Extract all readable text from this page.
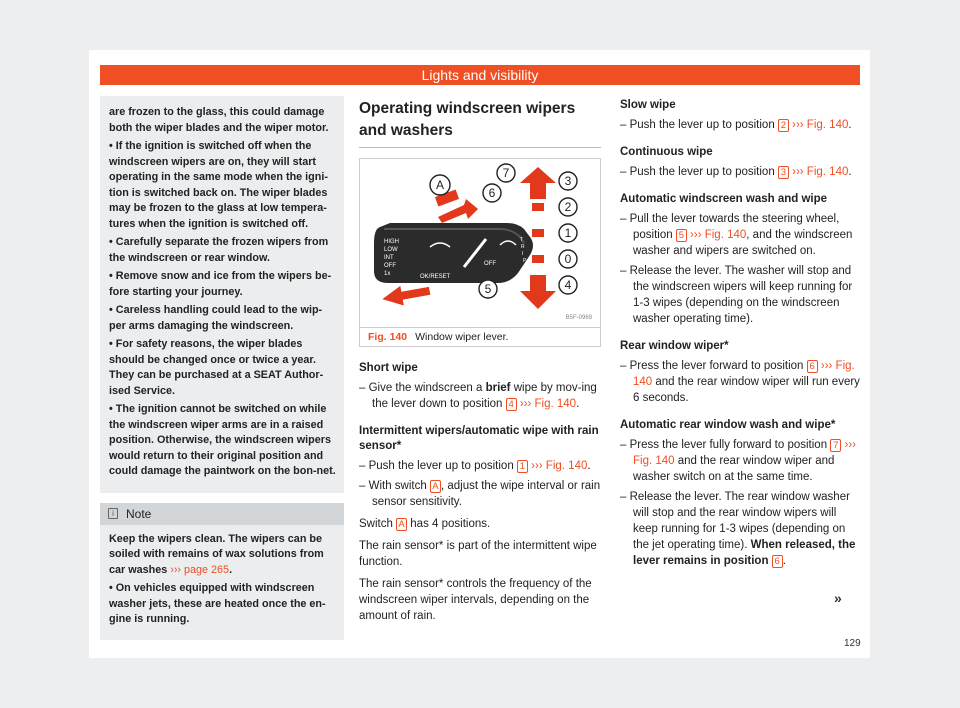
Lights and visibility

are frozen to the glass, this could damage both the wiper blades and the wiper motor.

• If the ignition is switched off when the windscreen wipers are on, they will start operating in the same mode when the igni-tion is switched back on. The wiper blades may be frozen to the glass at low tempera-tures when the ignition is switched off.

• Carefully separate the frozen wipers from the windscreen or rear window.

• Remove snow and ice from the wipers be-fore starting your journey.

• Careless handling could lead to the wip-per arms damaging the windscreen.

• For safety reasons, the wiper blades should be changed once or twice a year. They can be purchased at a SEAT Author-ised Service.

• The ignition cannot be switched on while the windscreen wiper arms are in a raised position. Otherwise, the windscreen wipers would return to their original position and could damage the paintwork on the bon-net.

i	Note

Keep the wipers clean. The wipers can be soiled with remains of wax solutions from car washes ››› page 265.

• On vehicles equipped with windscreen washer jets, these are heated once the en-gine is running.

Operating windscreen wipers and washers
HIGH
LOW
INT
OFF
1x	OK/RESET
OFF
T
R
I
P
A
7
6
3
2
1
0
4
5
B5F-0969
Fig. 140 Window wiper lever.
Short wipe
– Give the windscreen a brief wipe by mov-ing the lever down to position 4 ››› Fig. 140.
Intermittent wipers/automatic wipe with rain sensor*
– Push the lever up to position 1 ››› Fig. 140.
– With switch A , adjust the wipe interval or rain sensor sensitivity.
Switch A has 4 positions.
The rain sensor* is part of the intermittent wipe function.
The rain sensor* controls the frequency of the windscreen wiper intervals, depending on the amount of rain.
Slow wipe
– Push the lever up to position 2 ››› Fig. 140.
Continuous wipe
– Push the lever up to position 3 ››› Fig. 140.
Automatic windscreen wash and wipe
– Pull the lever towards the steering wheel, position 5 ››› Fig. 140, and the windscreen washer and wipers are switched on.
– Release the lever. The washer will stop and the windscreen wipers will keep running for 1-3 wipes (depending on the windscreen washer operating time).
Rear window wiper*
– Press the lever forward to position 6 ››› Fig. 140 and the rear window wiper will run every 6 seconds.
Automatic rear window wash and wipe*
– Press the lever fully forward to position 7 ››› Fig. 140 and the rear window wiper and washer switch on at the same time.
– Release the lever. The rear window washer will stop and the rear window wipers will keep running for 1-3 wipes (depending on the jet operating time). When released, the lever remains in position 6 .
»
129
